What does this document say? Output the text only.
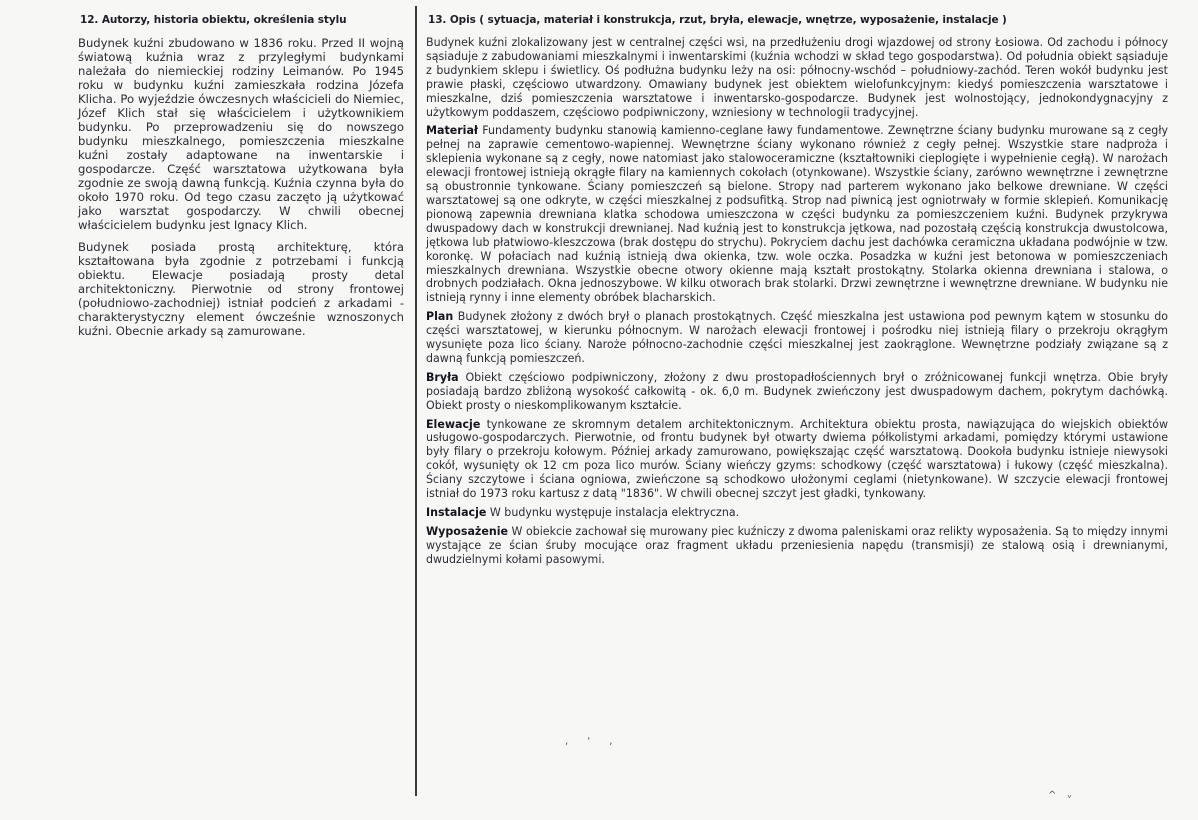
12. Autorzy, historia obiektu, określenia stylu

Budynek kuźni zbudowano w 1836 roku. Przed II wojną światową kuźnia wraz z przyległymi budynkami należała do niemieckiej rodziny Leimanów. Po 1945 roku w budynku kuźni zamieszkała rodzina Józefa Klicha. Po wyjeździe ówczesnych właścicieli do Niemiec, Józef Klich stał się właścicielem i użytkownikiem budynku. Po przeprowadzeniu się do nowszego budynku mieszkalnego, pomieszczenia mieszkalne kuźni zostały adaptowane na inwentarskie i gospodarcze. Część warsztatowa użytkowana była zgodnie ze swoją dawną funkcją. Kuźnia czynna była do około 1970 roku. Od tego czasu zaczęto ją użytkować jako warsztat gospodarczy. W chwili obecnej właścicielem budynku jest Ignacy Klich.

Budynek posiada prostą architekturę, która kształtowana była zgodnie z potrzebami i funkcją obiektu. Elewacje posiadają prosty detal architektoniczny. Pierwotnie od strony frontowej (południowo-zachodniej) istniał podcień z arkadami - charakterystyczny element ówcześnie wznoszonych kuźni. Obecnie arkady są zamurowane.

13. Opis ( sytuacja, materiał i konstrukcja, rzut, bryła, elewacje, wnętrze, wyposażenie, instalacje )

Budynek kuźni zlokalizowany jest w centralnej części wsi, na przedłużeniu drogi wjazdowej od strony Łosiowa. Od zachodu i północy sąsiaduje z zabudowaniami mieszkalnymi i inwentarskimi (kuźnia wchodzi w skład tego gospodarstwa). Od południa obiekt sąsiaduje z budynkiem sklepu i świetlicy. Oś podłużna budynku leży na osi: północny-wschód – południowy-zachód. Teren wokół budynku jest prawie płaski, częściowo utwardzony. Omawiany budynek jest obiektem wielofunkcyjnym: kiedyś pomieszczenia warsztatowe i mieszkalne, dziś pomieszczenia warsztatowe i inwentarsko-gospodarcze. Budynek jest wolnostojący, jednokondygnacyjny z użytkowym poddaszem, częściowo podpiwniczony, wzniesiony w technologii tradycyjnej.

Materiał Fundamenty budynku stanowią kamienno-ceglane ławy fundamentowe. Zewnętrzne ściany budynku murowane są z cegły pełnej na zaprawie cementowo-wapiennej. Wewnętrzne ściany wykonano również z cegły pełnej. Wszystkie stare nadproża i sklepienia wykonane są z cegły, nowe natomiast jako stalowoceramiczne (kształtowniki cieplogięte i wypełnienie cegłą). W narożach elewacji frontowej istnieją okrągłe filary na kamiennych cokołach (otynkowane). Wszystkie ściany, zarówno wewnętrzne i zewnętrzne są obustronnie tynkowane. Ściany pomieszczeń są bielone. Stropy nad parterem wykonano jako belkowe drewniane. W części warsztatowej są one odkryte, w części mieszkalnej z podsufitką. Strop nad piwnicą jest ogniotrwały w formie sklepień. Komunikację pionową zapewnia drewniana klatka schodowa umieszczona w części budynku za pomieszczeniem kuźni. Budynek przykrywa dwuspadowy dach w konstrukcji drewnianej. Nad kuźnią jest to konstrukcja jętkowa, nad pozostałą częścią konstrukcja dwustolcowa, jętkowa lub płatwiowo-kleszczowa (brak dostępu do strychu). Pokryciem dachu jest dachówka ceramiczna układana podwójnie w tzw. koronkę. W połaciach nad kuźnią istnieją dwa okienka, tzw. wole oczka. Posadzka w kuźni jest betonowa w pomieszczeniach mieszkalnych drewniana. Wszystkie obecne otwory okienne mają kształt prostokątny. Stolarka okienna drewniana i stalowa, o drobnych podziałach. Okna jednoszybowe. W kilku otworach brak stolarki. Drzwi zewnętrzne i wewnętrzne drewniane. W budynku nie istnieją rynny i inne elementy obróbek blacharskich.

Plan Budynek złożony z dwóch brył o planach prostokątnych. Część mieszkalna jest ustawiona pod pewnym kątem w stosunku do części warsztatowej, w kierunku północnym. W narożach elewacji frontowej i pośrodku niej istnieją filary o przekroju okrągłym wysunięte poza lico ściany. Naroże północno-zachodnie części mieszkalnej jest zaokrąglone. Wewnętrzne podziały związane są z dawną funkcją pomieszczeń.

Bryła Obiekt częściowo podpiwniczony, złożony z dwu prostopadłościennych brył o zróżnicowanej funkcji wnętrza. Obie bryły posiadają bardzo zbliżoną wysokość całkowitą - ok. 6,0 m. Budynek zwieńczony jest dwuspadowym dachem, pokrytym dachówką. Obiekt prosty o nieskomplikowanym kształcie.

Elewacje tynkowane ze skromnym detalem architektonicznym. Architektura obiektu prosta, nawiązująca do wiejskich obiektów usługowo-gospodarczych. Pierwotnie, od frontu budynek był otwarty dwiema półkolistymi arkadami, pomiędzy którymi ustawione były filary o przekroju kołowym. Później arkady zamurowano, powiększając część warsztatową. Dookoła budynku istnieje niewysoki cokół, wysunięty ok 12 cm poza lico murów. Ściany wieńczy gzyms: schodkowy (część warsztatowa) i łukowy (część mieszkalna). Ściany szczytowe i ściana ogniowa, zwieńczone są schodkowo ułożonymi ceglami (nietynkowane). W szczycie elewacji frontowej istniał do 1973 roku kartusz z datą "1836". W chwili obecnej szczyt jest gładki, tynkowany.

Instalacje W budynku występuje instalacja elektryczna.

Wyposażenie W obiekcie zachował się murowany piec kuźniczy z dwoma paleniskami oraz relikty wyposażenia. Są to między innymi wystające ze ścian śruby mocujące oraz fragment układu przeniesienia napędu (transmisji) ze stalową osią i drewnianymi, dwudzielnymi kołami pasowymi.

, ' ,
^ ᵥ
